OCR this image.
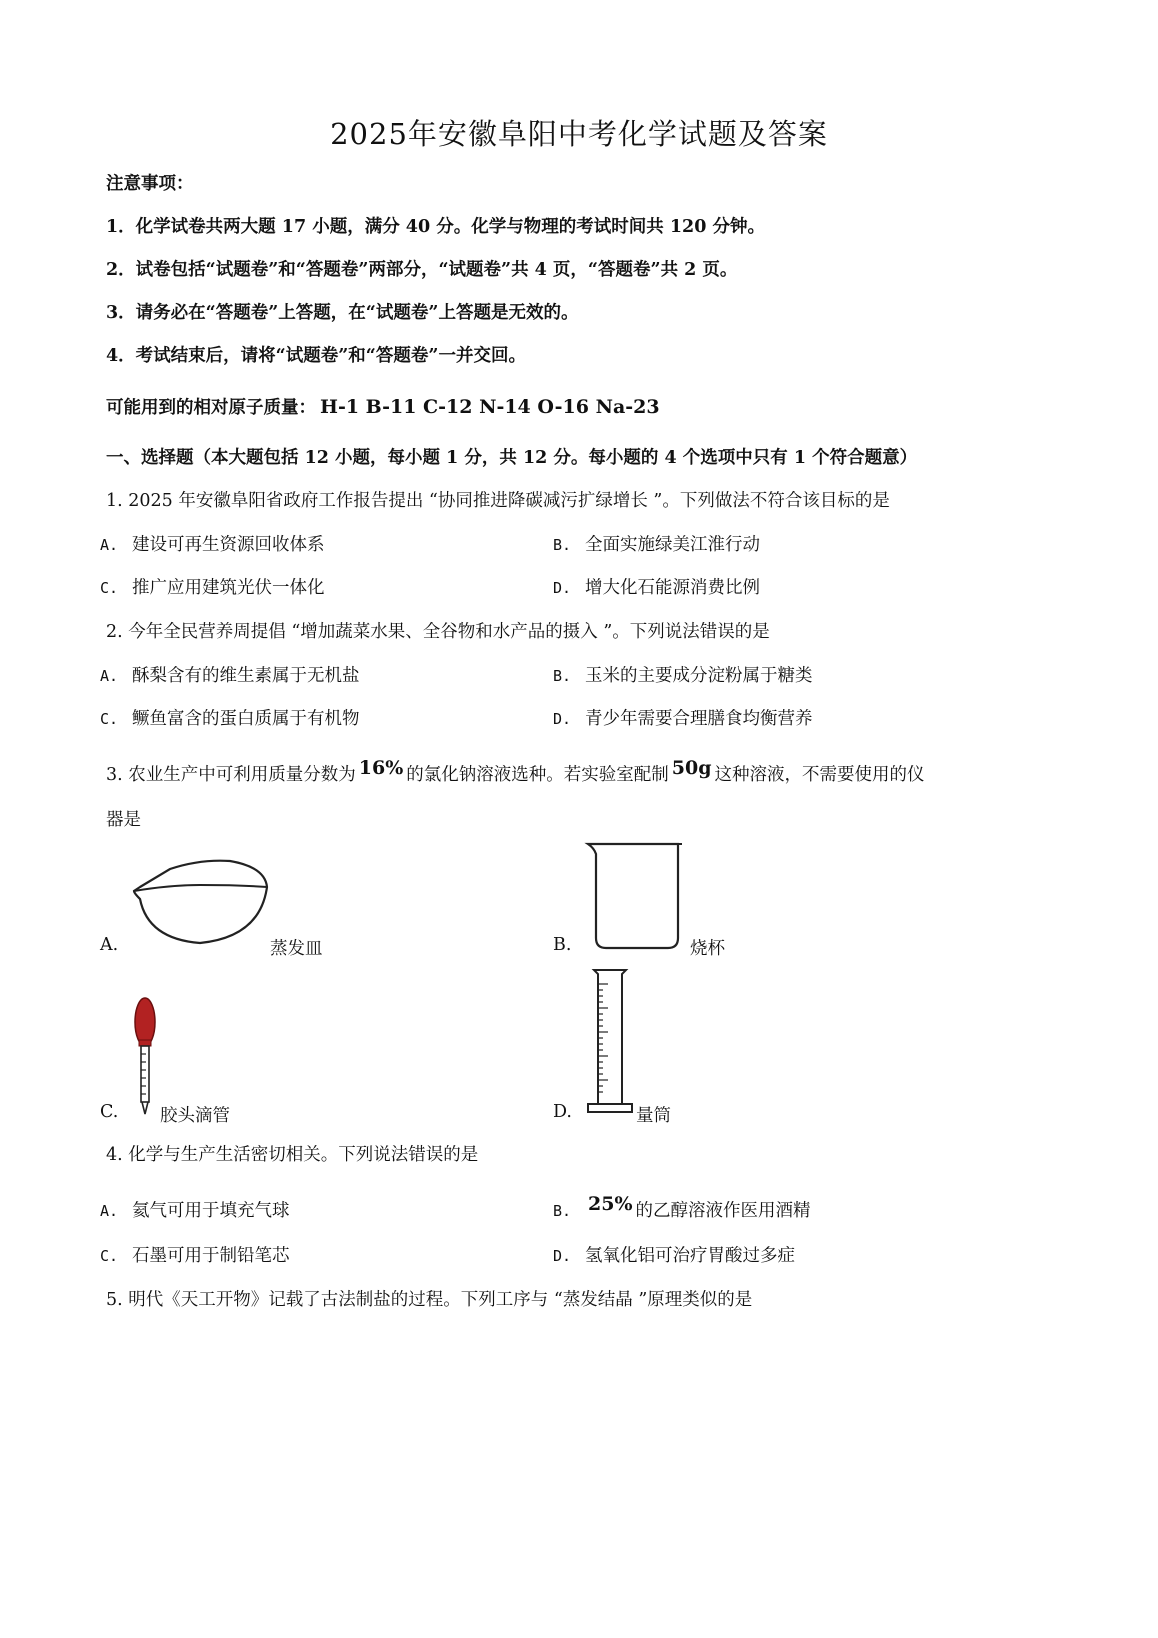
2025年安徽阜阳中考化学试题及答案
注意事项：
1．化学试卷共两大题 17 小题，满分 40 分。化学与物理的考试时间共 120 分钟。
2．试卷包括“试题卷”和“答题卷”两部分，“试题卷”共 4 页，“答题卷”共 2 页。
3．请务必在“答题卷”上答题，在“试题卷”上答题是无效的。
4．考试结束后，请将“试题卷”和“答题卷”一并交回。
可能用到的相对原子质量： H-1 B-11 C-12 N-14 O-16 Na-23
一、选择题（本大题包括 12 小题，每小题 1 分，共 12 分。每小题的 4 个选项中只有 1 个符合题意）
1. 2025 年安徽阜阳省政府工作报告提出 “协同推进降碳减污扩绿增长 ”。下列做法不符合该目标的是
A. 建设可再生资源回收体系	B. 全面实施绿美江淮行动
C. 推广应用建筑光伏一体化	D. 增大化石能源消费比例
2. 今年全民营养周提倡 “增加蔬菜水果、全谷物和水产品的摄入 ”。下列说法错误的是
A. 酥梨含有的维生素属于无机盐	B. 玉米的主要成分淀粉属于糖类
C. 鳜鱼富含的蛋白质属于有机物	D. 青少年需要合理膳食均衡营养
3. 农业生产中可利用质量分数为 16% 的氯化钠溶液选种。若实验室配制 50g 这种溶液，不需要使用的仪
器是
A.	蒸发皿	B.	烧杯
C. 胶头滴管	D.	量筒
4. 化学与生产生活密切相关。下列说法错误的是
A. 氦气可用于填充气球	B. 25% 的乙醇溶液作医用酒精
C. 石墨可用于制铅笔芯	D. 氢氧化铝可治疗胃酸过多症
5. 明代《天工开物》记载了古法制盐的过程。下列工序与 “蒸发结晶 ”原理类似的是
